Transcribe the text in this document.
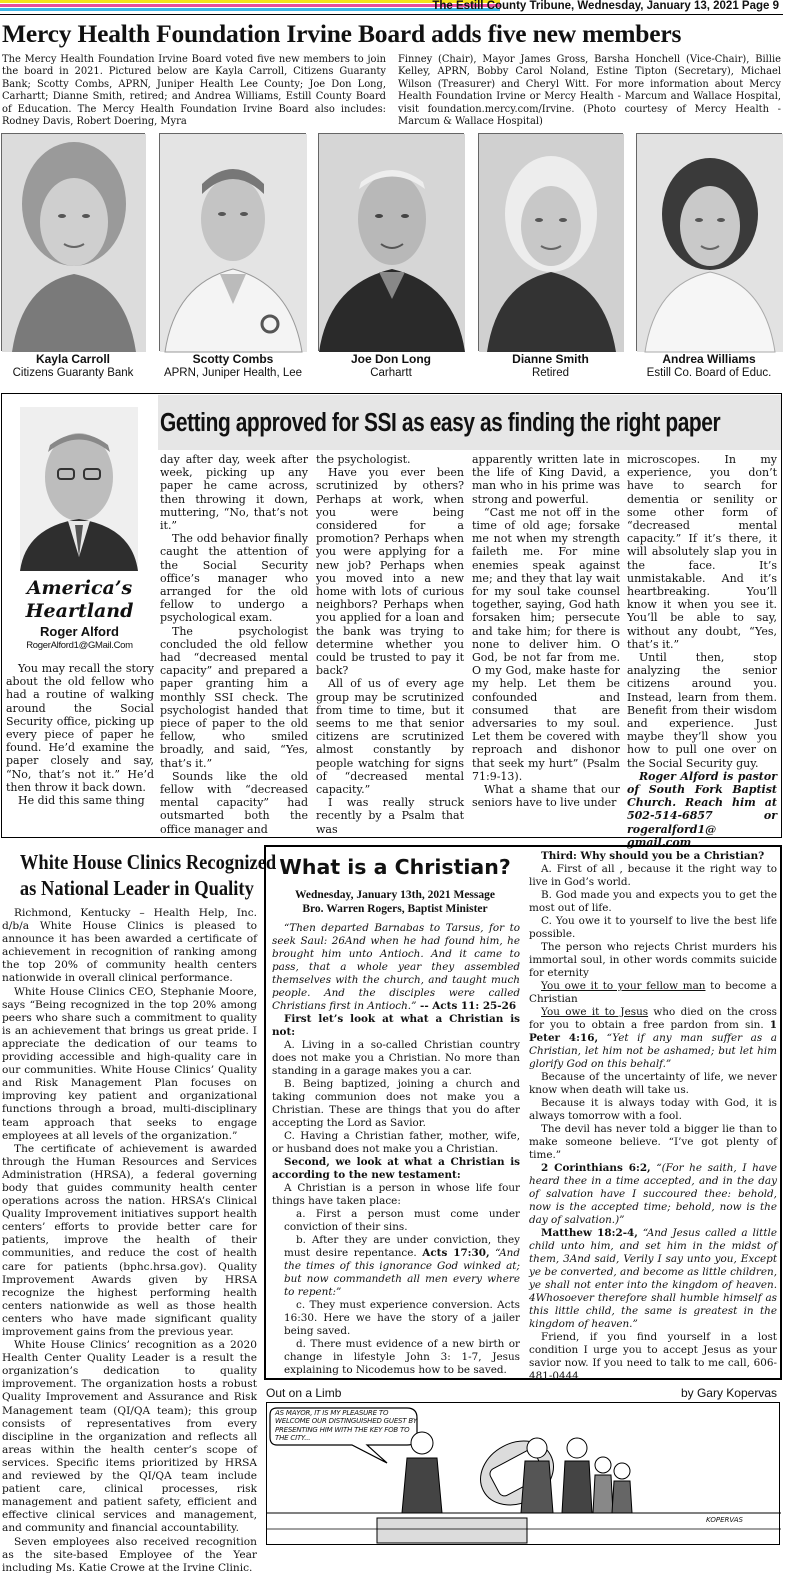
The Estill County Tribune, Wednesday, January 13, 2021 Page 9
Mercy Health Foundation Irvine Board adds five new members
The Mercy Health Foundation Irvine Board voted five new members to join the board in 2021. Pictured below are Kayla Carroll, Citizens Guaranty Bank; Scotty Combs, APRN, Juniper Health Lee County; Joe Don Long, Carhartt; Dianne Smith, retired; and Andrea Williams, Estill County Board of Education. The Mercy Health Foundation Irvine Board also includes: Rodney Davis, Robert Doering, Myra
Finney (Chair), Mayor James Gross, Barsha Honchell (Vice-Chair), Billie Kelley, APRN, Bobby Carol Noland, Estine Tipton (Secretary), Michael Wilson (Treasurer) and Cheryl Witt. For more information about Mercy Health Foundation Irvine or Mercy Health - Marcum and Wallace Hospital, visit foundation.mercy.com/Irvine. (Photo courtesy of Mercy Health - Marcum & Wallace Hospital)
Kayla Carroll
Citizens Guaranty Bank
Scotty Combs
APRN, Juniper Health, Lee
Joe Don Long
Carhartt
Dianne Smith
Retired
Andrea Williams
Estill Co. Board of Educ.
Getting approved for SSI as easy as finding the right paper
America’s
Heartland
Roger Alford
RogerAlford1@GMail.Com

You may recall the story about the old fellow who had a routine of walking around the Social Security office, picking up every piece of paper he found. He’d examine the paper closely and say, “No, that’s not it.” He’d then throw it back down.

He did this same thing

day after day, week after week, picking up any paper he came across, then throwing it down, muttering, “No, that’s not it.”

The odd behavior finally caught the attention of the Social Security office’s manager who arranged for the old fellow to undergo a psychological exam.

The psychologist concluded the old fellow had “decreased mental capacity” and prepared a paper granting him a monthly SSI check. The psychologist handed that piece of paper to the old fellow, who smiled broadly, and said, “Yes, that’s it.”

Sounds like the old fellow with “decreased mental capacity” had outsmarted both the office manager and

the psychologist.

Have you ever been scrutinized by others? Perhaps at work, when you were being considered for a promotion? Perhaps when you were applying for a new job? Perhaps when you moved into a new home with lots of curious neighbors? Perhaps when you applied for a loan and the bank was trying to determine whether you could be trusted to pay it back?

All of us of every age group may be scrutinized from time to time, but it seems to me that senior citizens are scrutinized almost constantly by people watching for signs of “decreased mental capacity.”

I was really struck recently by a Psalm that was

apparently written late in the life of King David, a man who in his prime was strong and powerful.

“Cast me not off in the time of old age; forsake me not when my strength faileth me. For mine enemies speak against me; and they that lay wait for my soul take counsel together, saying, God hath forsaken him; persecute and take him; for there is none to deliver him. O God, be not far from me. O my God, make haste for my help. Let them be confounded and consumed that are adversaries to my soul. Let them be covered with reproach and dishonor that seek my hurt” (Psalm 71:9-13).

What a shame that our seniors have to live under

microscopes. In my experience, you don’t have to search for dementia or senility or some other form of “decreased mental capacity.” If it’s there, it will absolutely slap you in the face. It’s unmistakable. And it’s heartbreaking. You’ll know it when you see it. You’ll be able to say, without any doubt, “Yes, that’s it.”

Until then, stop analyzing the senior citizens around you. Instead, learn from them. Benefit from their wisdom and experience. Just maybe they’ll show you how to pull one over on the Social Security guy.

Roger Alford is pastor of South Fork Baptist Church. Reach him at 502-514-6857 or rogeralford1@ gmail.com

White House Clinics Recognized
as National Leader in Quality

Richmond, Kentucky – Health Help, Inc. d/b/a White House Clinics is pleased to announce it has been awarded a certificate of achievement in recognition of ranking among the top 20% of community health centers nationwide in overall clinical performance.

White House Clinics CEO, Stephanie Moore, says “Being recognized in the top 20% among peers who share such a commitment to quality is an achievement that brings us great pride. I appreciate the dedication of our teams to providing accessible and high-quality care in our communities. White House Clinics’ Quality and Risk Management Plan focuses on improving key patient and organizational functions through a broad, multi-disciplinary team approach that seeks to engage employees at all levels of the organization.”

The certificate of achievement is awarded through the Human Resources and Services Administration (HRSA), a federal governing body that guides community health center operations across the nation. HRSA’s Clinical Quality Improvement initiatives support health centers’ efforts to provide better care for patients, improve the health of their communities, and reduce the cost of health care for patients (bphc.hrsa.gov). Quality Improvement Awards given by HRSA recognize the highest performing health centers nationwide as well as those health centers who have made significant quality improvement gains from the previous year.

White House Clinics’ recognition as a 2020 Health Center Quality Leader is a result the organization’s dedication to quality improvement. The organization hosts a robust Quality Improvement and Assurance and Risk Management team (QI/QA team); this group consists of representatives from every discipline in the organization and reflects all areas within the health center’s scope of services. Specific items prioritized by HRSA and reviewed by the QI/QA team include patient care, clinical processes, risk management and patient safety, efficient and effective clinical services and management, and community and financial accountability.

Seven employees also received recognition as the site-based Employee of the Year including Ms. Katie Crowe at the Irvine Clinic.

What is a Christian?
Wednesday, January 13th, 2021 Message
Bro. Warren Rogers, Baptist Minister

“Then departed Barnabas to Tarsus, for to seek Saul: 26And when he had found him, he brought him unto Antioch. And it came to pass, that a whole year they assembled themselves with the church, and taught much people. And the disciples were called Christians first in Antioch.” -- Acts 11: 25-26

First let’s look at what a Christian is not:

A. Living in a so-called Christian country does not make you a Christian. No more than standing in a garage makes you a car.

B. Being baptized, joining a church and taking communion does not make you a Christian. These are things that you do after accepting the Lord as Savior.

C. Having a Christian father, mother, wife, or husband does not make you a Christian.

Second, we look at what a Christian is according to the new testament:

A Christian is a person in whose life four things have taken place:

a. First a person must come under conviction of their sins.

b. After they are under conviction, they must desire repentance. Acts 17:30, “And the times of this ignorance God winked at; but now commandeth all men every where to repent:”

c. They must experience conversion. Acts 16:30. Here we have the story of a jailer being saved.

d. There must evidence of a new birth or change in lifestyle John 3: 1-7, Jesus explaining to Nicodemus how to be saved.

Third: Why should you be a Christian?

A. First of all , because it the right way to live in God’s world.

B. God made you and expects you to get the most out of life.

C. You owe it to yourself to live the best life possible.

The person who rejects Christ murders his immortal soul, in other words commits suicide for eternity

You owe it to your fellow man to become a Christian

You owe it to Jesus who died on the cross for you to obtain a free pardon from sin. 1 Peter 4:16, “Yet if any man suffer as a Christian, let him not be ashamed; but let him glorify God on this behalf.”

Because of the uncertainty of life, we never know when death will take us.

Because it is always today with God, it is always tomorrow with a fool.

The devil has never told a bigger lie than to make someone believe. “I’ve got plenty of time.”

2 Corinthians 6:2, “(For he saith, I have heard thee in a time accepted, and in the day of salvation have I succoured thee: behold, now is the accepted time; behold, now is the day of salvation.)”

Matthew 18:2-4, “And Jesus called a little child unto him, and set him in the midst of them, 3And said, Verily I say unto you, Except ye be converted, and become as little children, ye shall not enter into the kingdom of heaven. 4Whosoever therefore shall humble himself as this little child, the same is greatest in the kingdom of heaven.”

Friend, if you find yourself in a lost condition I urge you to accept Jesus as your savior now. If you need to talk to me call, 606-481-0444

Out on a Limb	by Gary Kopervas
AS MAYOR, IT IS MY PLEASURE TO WELCOME OUR DISTINGUISHED GUEST BY PRESENTING HIM WITH THE KEY FOB TO THE CITY...
KOPERVAS
